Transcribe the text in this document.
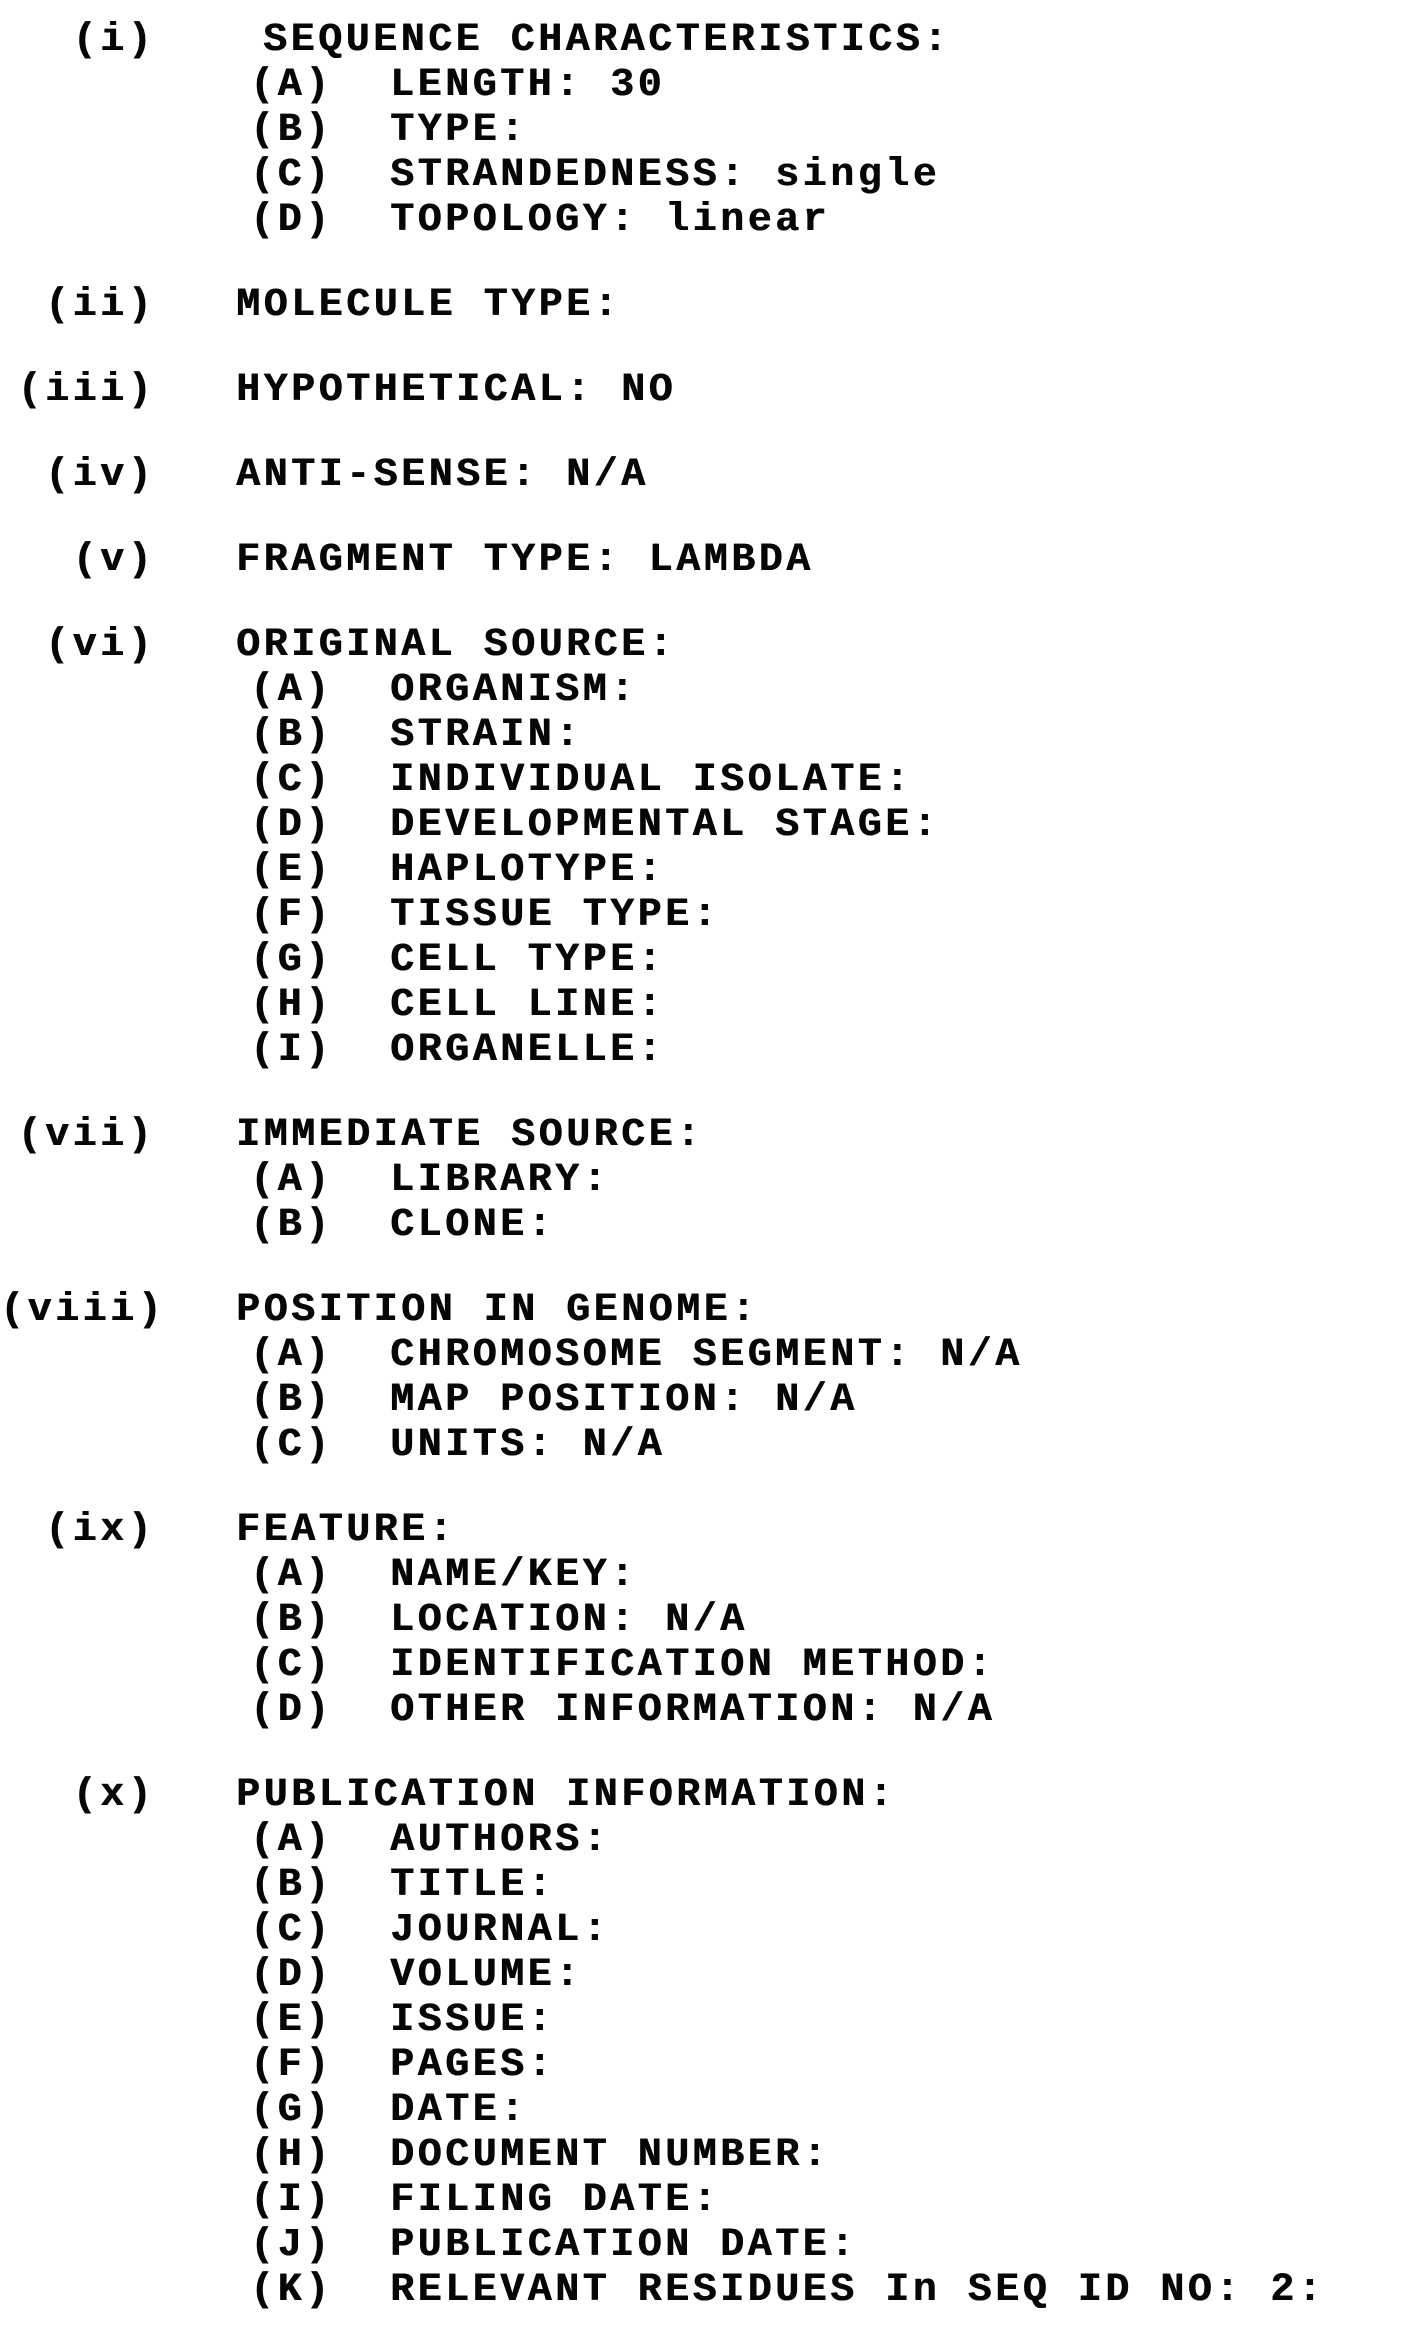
(i)	SEQUENCE CHARACTERISTICS:
(A)	LENGTH: 30
(B)	TYPE:
(C)	STRANDEDNESS: single
(D)	TOPOLOGY: linear
(ii) MOLECULE TYPE:
(iii) HYPOTHETICAL: NO
(iv) ANTI-SENSE: N/A
(v) FRAGMENT TYPE: LAMBDA
(vi) ORIGINAL SOURCE:
(A)	ORGANISM:
(B)	STRAIN:
(C)	INDIVIDUAL ISOLATE:
(D)	DEVELOPMENTAL STAGE:
(E)	HAPLOTYPE:
(F)	TISSUE TYPE:
(G)	CELL TYPE:
(H)	CELL LINE:
(I)	ORGANELLE:
(vii) IMMEDIATE SOURCE:
(A)	LIBRARY:
(B)	CLONE:
(viii) POSITION IN GENOME:
(A)	CHROMOSOME SEGMENT: N/A
(B)	MAP POSITION: N/A
(C)	UNITS: N/A
(ix) FEATURE:
(A)	NAME/KEY:
(B)	LOCATION: N/A
(C)	IDENTIFICATION METHOD:
(D)	OTHER INFORMATION: N/A
(x) PUBLICATION INFORMATION:
(A)	AUTHORS:
(B)	TITLE:
(C)	JOURNAL:
(D)	VOLUME:
(E)	ISSUE:
(F)	PAGES:
(G)	DATE:
(H)	DOCUMENT NUMBER:
(I)	FILING DATE:
(J)	PUBLICATION DATE:
(K)	RELEVANT RESIDUES In SEQ ID NO: 2:
